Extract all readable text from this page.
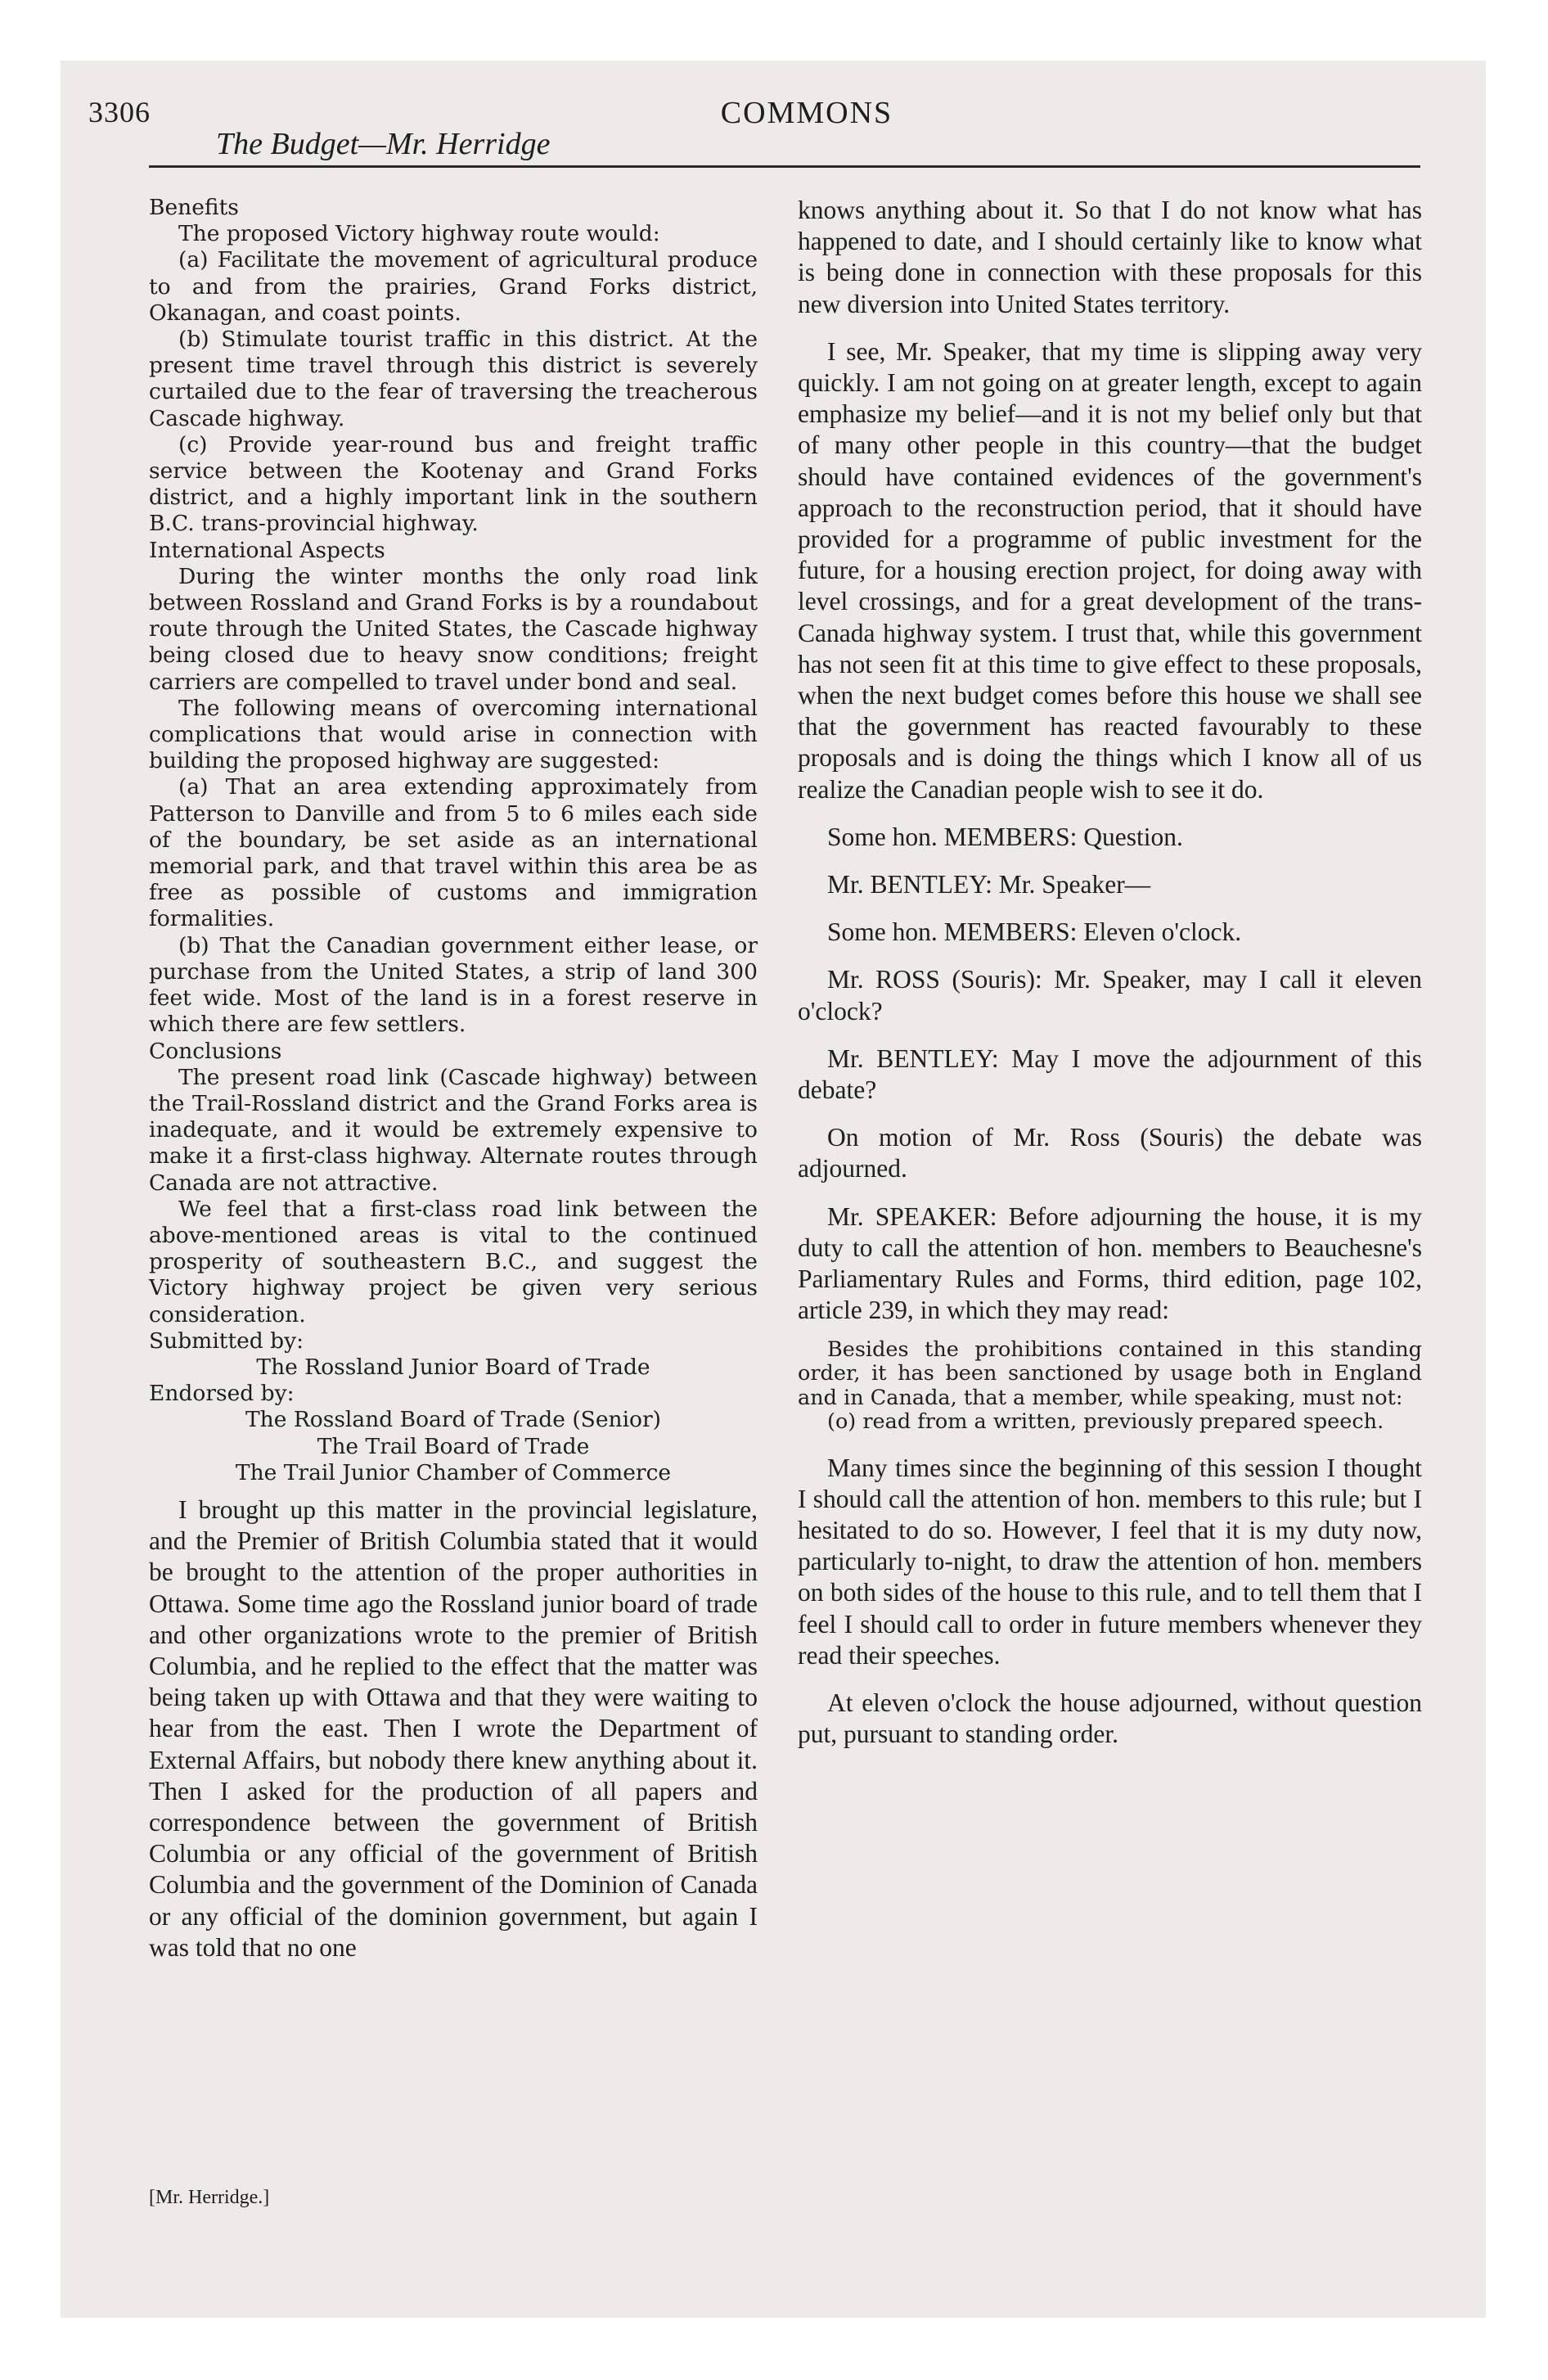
3306
The Budget—Mr. Herridge
COMMONS

Benefits

The proposed Victory highway route would:

(a) Facilitate the movement of agricultural produce to and from the prairies, Grand Forks district, Okanagan, and coast points.

(b) Stimulate tourist traffic in this district. At the present time travel through this district is severely curtailed due to the fear of traversing the treacherous Cascade highway.

(c) Provide year-round bus and freight traffic service between the Kootenay and Grand Forks district, and a highly important link in the southern B.C. trans-provincial highway.

International Aspects

During the winter months the only road link between Rossland and Grand Forks is by a roundabout route through the United States, the Cascade highway being closed due to heavy snow conditions; freight carriers are compelled to travel under bond and seal.

The following means of overcoming international complications that would arise in connection with building the proposed highway are suggested:

(a) That an area extending approximately from Patterson to Danville and from 5 to 6 miles each side of the boundary, be set aside as an international memorial park, and that travel within this area be as free as possible of customs and immigration formalities.

(b) That the Canadian government either lease, or purchase from the United States, a strip of land 300 feet wide. Most of the land is in a forest reserve in which there are few settlers.

Conclusions

The present road link (Cascade highway) between the Trail-Rossland district and the Grand Forks area is inadequate, and it would be extremely expensive to make it a first-class highway. Alternate routes through Canada are not attractive.

We feel that a first-class road link between the above-mentioned areas is vital to the continued prosperity of southeastern B.C., and suggest the Victory highway project be given very serious consideration.

Submitted by:

The Rossland Junior Board of Trade

Endorsed by:

The Rossland Board of Trade (Senior)

The Trail Board of Trade

The Trail Junior Chamber of Commerce

I brought up this matter in the provincial legislature, and the Premier of British Columbia stated that it would be brought to the attention of the proper authorities in Ottawa. Some time ago the Rossland junior board of trade and other organizations wrote to the premier of British Columbia, and he replied to the effect that the matter was being taken up with Ottawa and that they were waiting to hear from the east. Then I wrote the Department of External Affairs, but nobody there knew anything about it. Then I asked for the production of all papers and correspondence between the government of British Columbia or any official of the government of British Columbia and the government of the Dominion of Canada or any official of the dominion government, but again I was told that no one

knows anything about it. So that I do not know what has happened to date, and I should certainly like to know what is being done in connection with these proposals for this new diversion into United States territory.

I see, Mr. Speaker, that my time is slipping away very quickly. I am not going on at greater length, except to again emphasize my belief—and it is not my belief only but that of many other people in this country—that the budget should have contained evidences of the government's approach to the reconstruction period, that it should have provided for a programme of public investment for the future, for a housing erection project, for doing away with level crossings, and for a great development of the trans-Canada highway system. I trust that, while this government has not seen fit at this time to give effect to these proposals, when the next budget comes before this house we shall see that the government has reacted favourably to these proposals and is doing the things which I know all of us realize the Canadian people wish to see it do.

Some hon. MEMBERS: Question.

Mr. BENTLEY: Mr. Speaker—

Some hon. MEMBERS: Eleven o'clock.

Mr. ROSS (Souris): Mr. Speaker, may I call it eleven o'clock?

Mr. BENTLEY: May I move the adjournment of this debate?

On motion of Mr. Ross (Souris) the debate was adjourned.

Mr. SPEAKER: Before adjourning the house, it is my duty to call the attention of hon. members to Beauchesne's Parliamentary Rules and Forms, third edition, page 102, article 239, in which they may read:

Besides the prohibitions contained in this standing order, it has been sanctioned by usage both in England and in Canada, that a member, while speaking, must not:

(o) read from a written, previously prepared speech.

Many times since the beginning of this session I thought I should call the attention of hon. members to this rule; but I hesitated to do so. However, I feel that it is my duty now, particularly to-night, to draw the attention of hon. members on both sides of the house to this rule, and to tell them that I feel I should call to order in future members whenever they read their speeches.

At eleven o'clock the house adjourned, without question put, pursuant to standing order.

[Mr. Herridge.]
